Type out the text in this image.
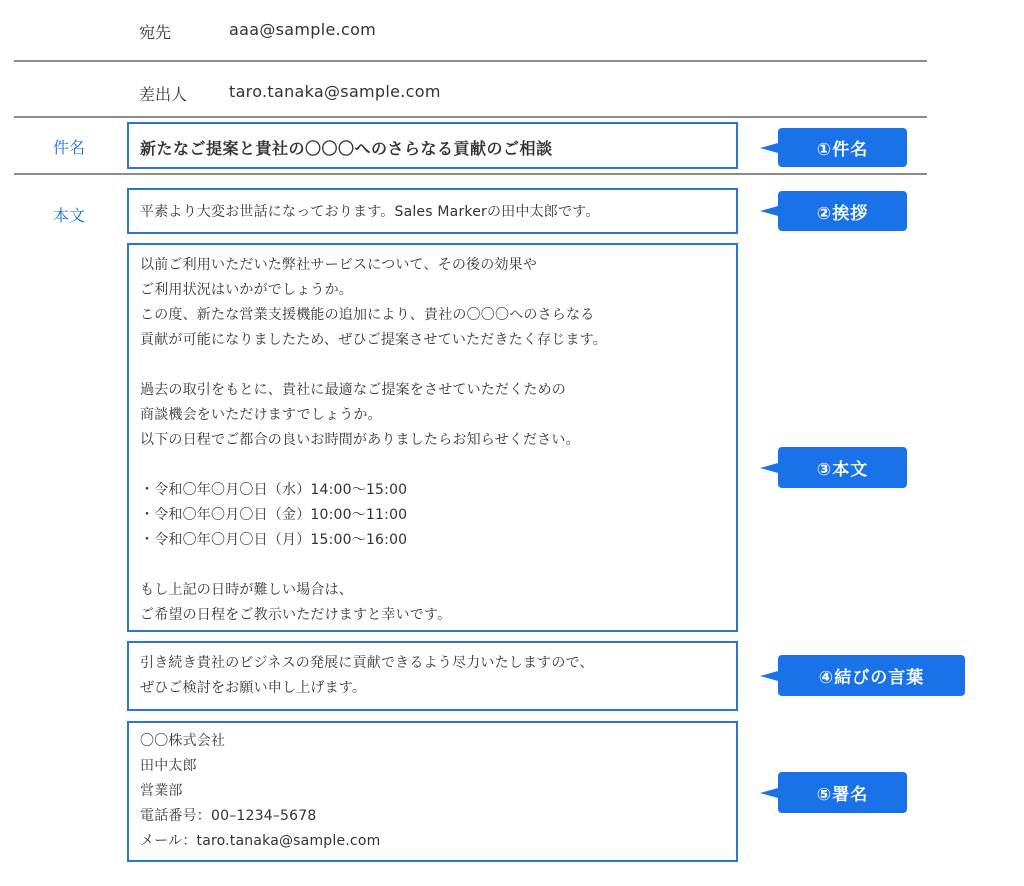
宛先	aaa@sample.com
差出人	taro.tanaka@sample.com
件名	新たなご提案と貴社の〇〇〇へのさらなる貢献のご相談	①件名
本文	平素より大変お世話になっております。Sales Markerの田中太郎です。	②挨拶
以前ご利用いただいた弊社サービスについて、その後の効果や
ご利用状況はいかがでしょうか。
この度、新たな営業支援機能の追加により、貴社の〇〇〇へのさらなる
貢献が可能になりましたため、ぜひご提案させていただきたく存じます。
過去の取引をもとに、貴社に最適なご提案をさせていただくための
商談機会をいただけますでしょうか。
以下の日程でご都合の良いお時間がありましたらお知らせください。
・令和〇年〇月〇日（水）14:00～15:00
・令和〇年〇月〇日（金）10:00～11:00
・令和〇年〇月〇日（月）15:00～16:00
もし上記の日時が難しい場合は、
ご希望の日程をご教示いただけますと幸いです。
③本文
引き続き貴社のビジネスの発展に貢献できるよう尽力いたしますので、
ぜひご検討をお願い申し上げます。	④結びの言葉
〇〇株式会社
田中太郎
営業部
電話番号：00–1234–5678
メール：taro.tanaka@sample.com
⑤署名
